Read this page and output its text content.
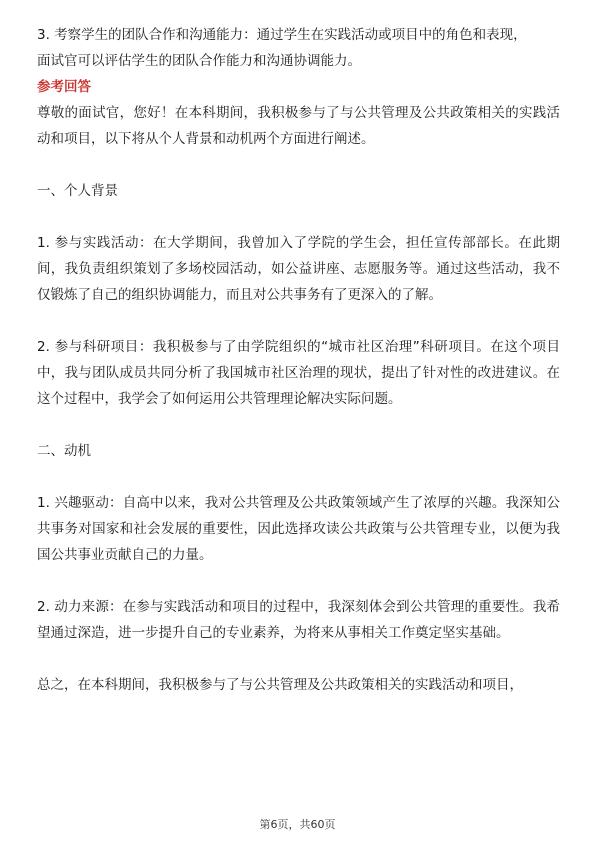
3. 考察学生的团队合作和沟通能力：通过学生在实践活动或项目中的角色和表现，

面试官可以评估学生的团队合作能力和沟通协调能力。

参考回答

尊敬的面试官，您好！在本科期间，我积极参与了与公共管理及公共政策相关的实践活动和项目，以下将从个人背景和动机两个方面进行阐述。

一、个人背景

1. 参与实践活动：在大学期间，我曾加入了学院的学生会，担任宣传部部长。在此期间，我负责组织策划了多场校园活动，如公益讲座、志愿服务等。通过这些活动，我不仅锻炼了自己的组织协调能力，而且对公共事务有了更深入的了解。

2. 参与科研项目：我积极参与了由学院组织的“城市社区治理”科研项目。在这个项目中，我与团队成员共同分析了我国城市社区治理的现状，提出了针对性的改进建议。在这个过程中，我学会了如何运用公共管理理论解决实际问题。

二、动机

1. 兴趣驱动：自高中以来，我对公共管理及公共政策领域产生了浓厚的兴趣。我深知公共事务对国家和社会发展的重要性，因此选择攻读公共政策与公共管理专业，以便为我国公共事业贡献自己的力量。

2. 动力来源：在参与实践活动和项目的过程中，我深刻体会到公共管理的重要性。我希望通过深造，进一步提升自己的专业素养，为将来从事相关工作奠定坚实基础。

总之，在本科期间，我积极参与了与公共管理及公共政策相关的实践活动和项目，

第6页，共60页
